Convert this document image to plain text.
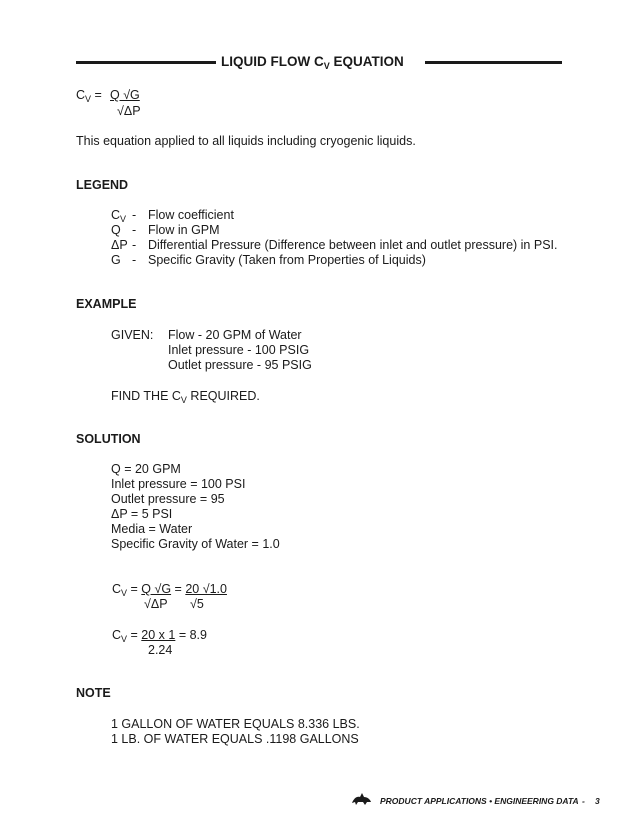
LIQUID FLOW $C_V$ EQUATION
$C_V = Q$ √G
√ΔP
This equation applied to all liquids including cryogenic liquids.
LEGEND
$C_V$ - Flow coefficient
Q - Flow in GPM
ΔP - Differential Pressure (Difference between inlet and outlet pressure) in PSI.
G - Specific Gravity (Taken from Properties of Liquids)
EXAMPLE
GIVEN: Flow - 20 GPM of Water
Inlet pressure - 100 PSIG
Outlet pressure - 95 PSIG
FIND THE $C_V$ REQUIRED.
SOLUTION
Q = 20 GPM
Inlet pressure = 100 PSI
Outlet pressure = 95
ΔP = 5 PSI
Media = Water
Specific Gravity of Water = 1.0
$C_V = Q$ √G = 20 √1.0
√ΔP √5
$C_V = 20$ x 1 = 8.9
2.24
NOTE
1 GALLON OF WATER EQUALS 8.336 LBS.
1 LB. OF WATER EQUALS .1198 GALLONS
PRODUCT APPLICATIONS • ENGINEERING DATA - 3
